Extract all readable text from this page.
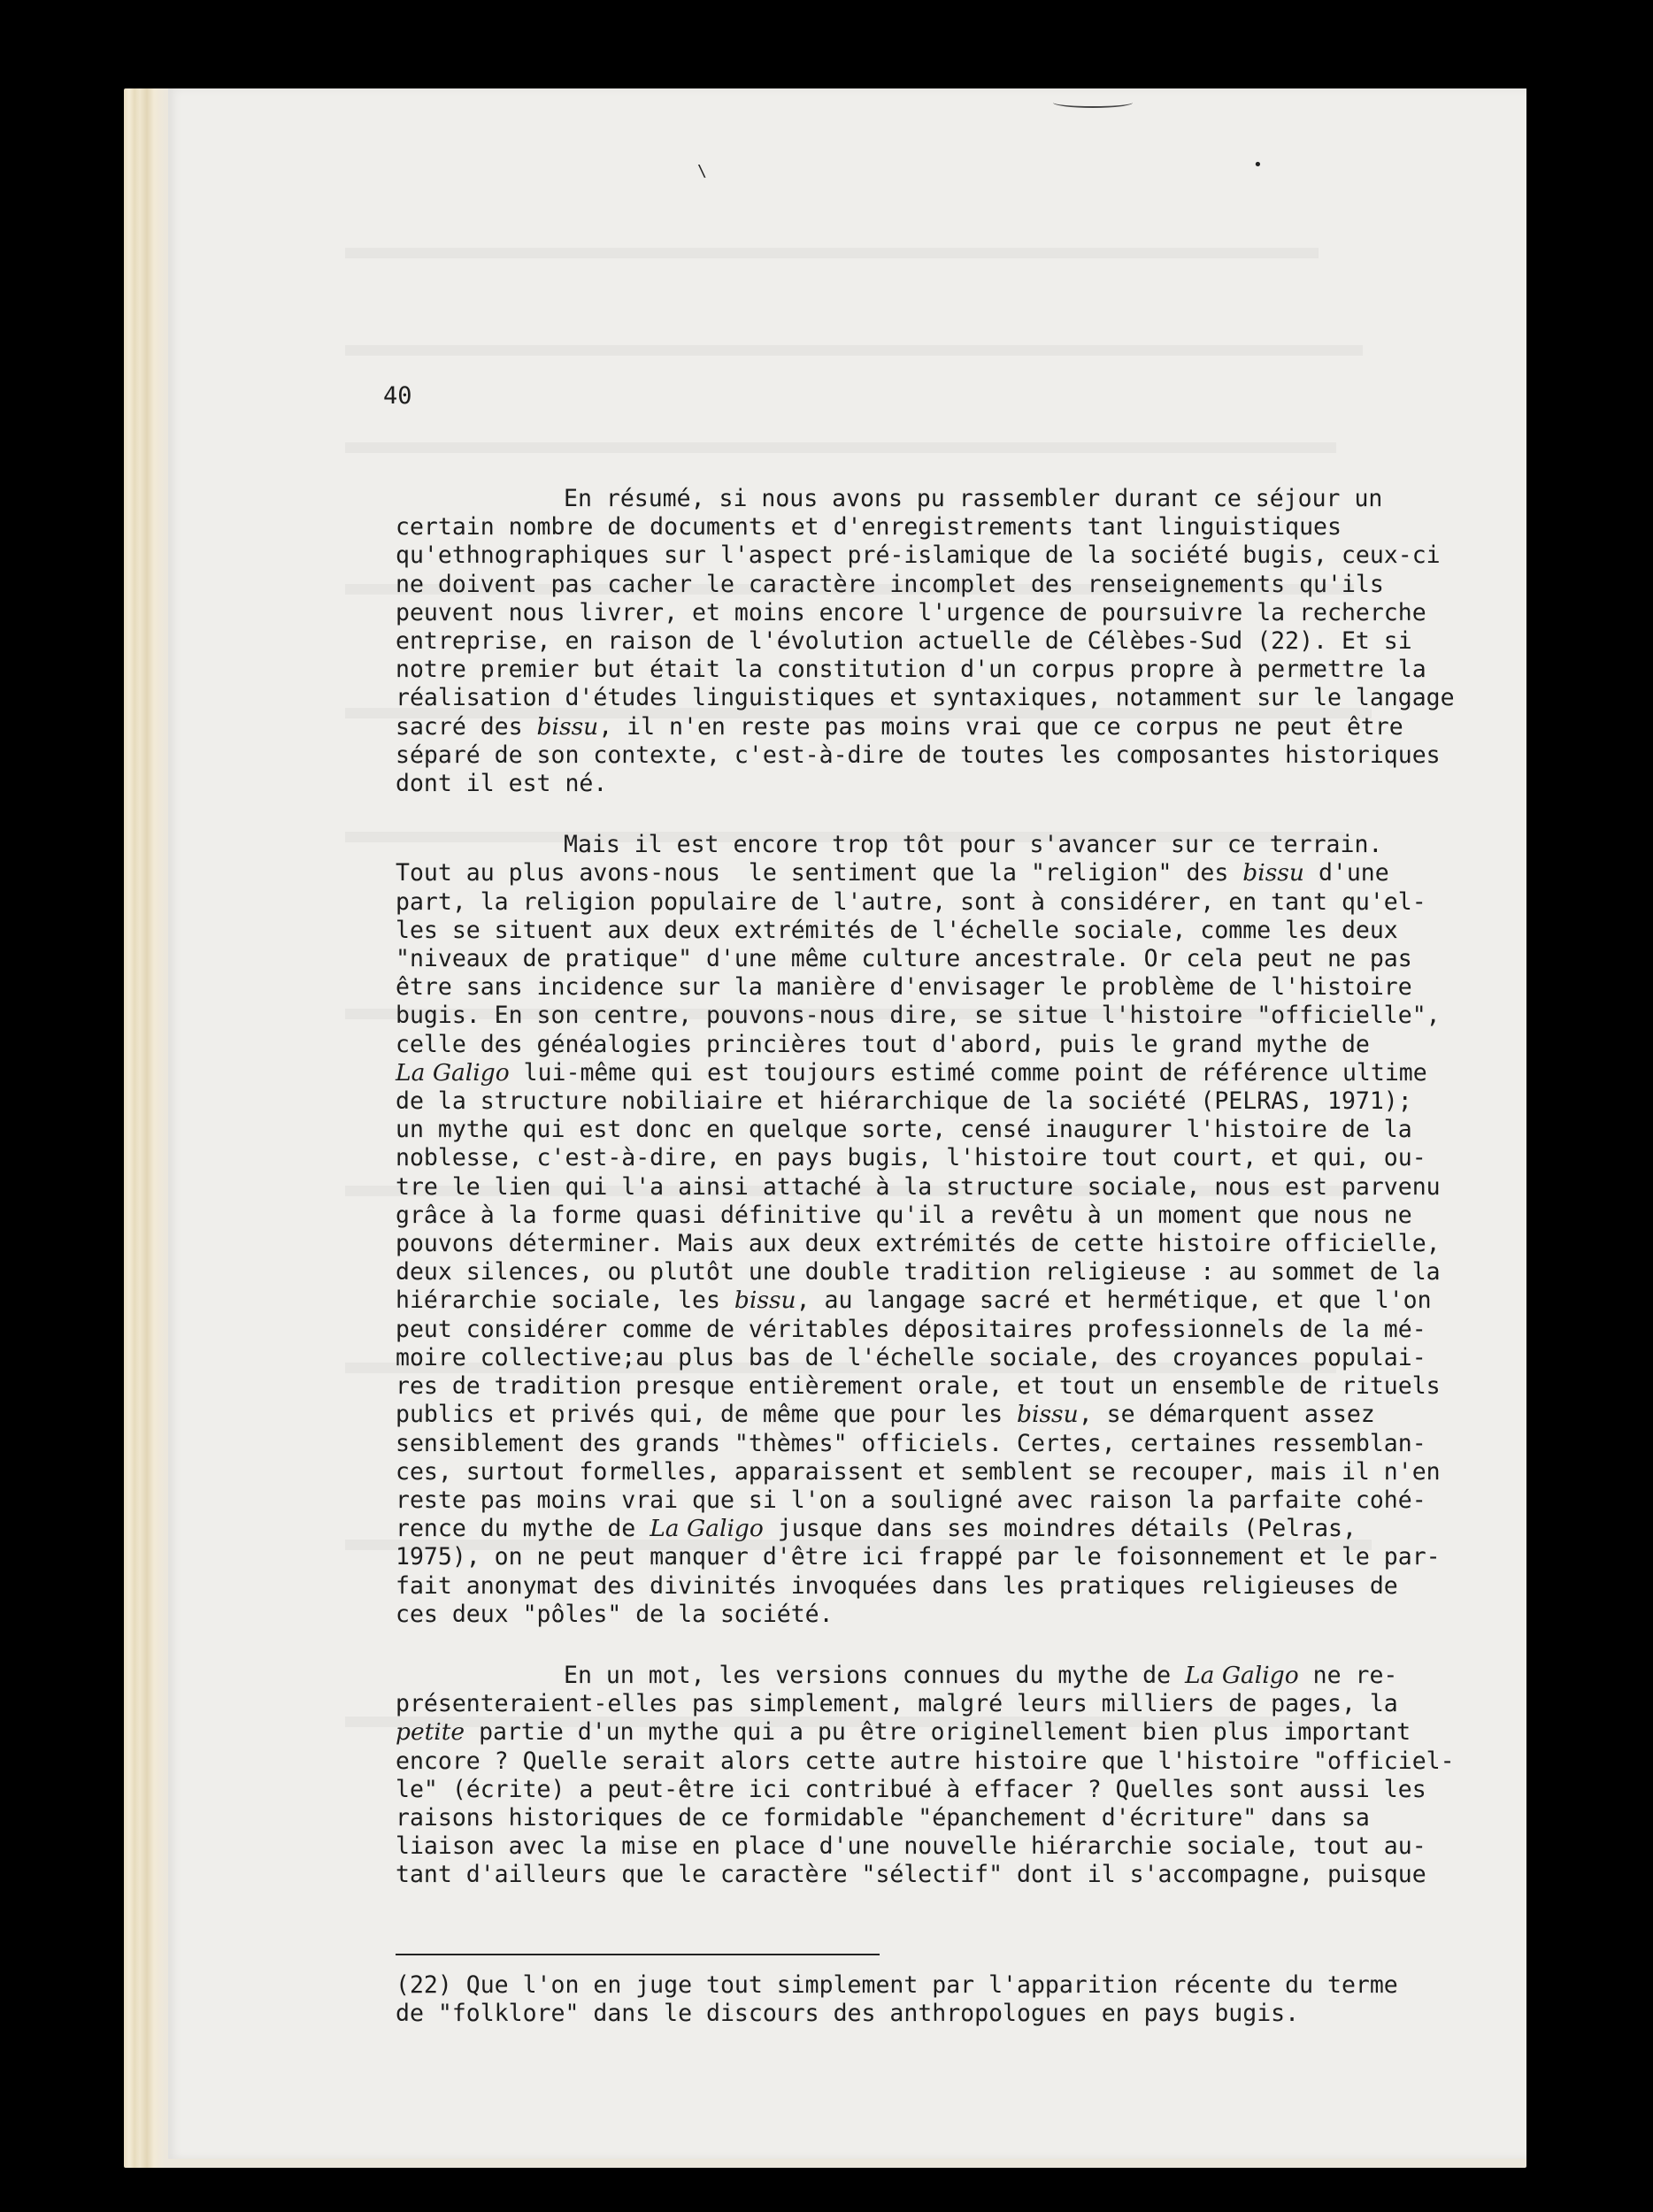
\	•
40
En résumé, si nous avons pu rassembler durant ce séjour un
certain nombre de documents et d'enregistrements tant linguistiques
qu'ethnographiques sur l'aspect pré-islamique de la société bugis, ceux-ci
ne doivent pas cacher le caractère incomplet des renseignements qu'ils
peuvent nous livrer, et moins encore l'urgence de poursuivre la recherche
entreprise, en raison de l'évolution actuelle de Célèbes-Sud (22). Et si
notre premier but était la constitution d'un corpus propre à permettre la
réalisation d'études linguistiques et syntaxiques, notamment sur le langage
sacré des bissu, il n'en reste pas moins vrai que ce corpus ne peut être
séparé de son contexte, c'est-à-dire de toutes les composantes historiques
dont il est né.
Mais il est encore trop tôt pour s'avancer sur ce terrain.
Tout au plus avons-nous  le sentiment que la "religion" des bissu d'une
part, la religion populaire de l'autre, sont à considérer, en tant qu'el-
les se situent aux deux extrémités de l'échelle sociale, comme les deux
"niveaux de pratique" d'une même culture ancestrale. Or cela peut ne pas
être sans incidence sur la manière d'envisager le problème de l'histoire
bugis. En son centre, pouvons-nous dire, se situe l'histoire "officielle",
celle des généalogies princières tout d'abord, puis le grand mythe de
La Galigo lui-même qui est toujours estimé comme point de référence ultime
de la structure nobiliaire et hiérarchique de la société (PELRAS, 1971);
un mythe qui est donc en quelque sorte, censé inaugurer l'histoire de la
noblesse, c'est-à-dire, en pays bugis, l'histoire tout court, et qui, ou-
tre le lien qui l'a ainsi attaché à la structure sociale, nous est parvenu
grâce à la forme quasi définitive qu'il a revêtu à un moment que nous ne
pouvons déterminer. Mais aux deux extrémités de cette histoire officielle,
deux silences, ou plutôt une double tradition religieuse : au sommet de la
hiérarchie sociale, les bissu, au langage sacré et hermétique, et que l'on
peut considérer comme de véritables dépositaires professionnels de la mé-
moire collective;au plus bas de l'échelle sociale, des croyances populai-
res de tradition presque entièrement orale, et tout un ensemble de rituels
publics et privés qui, de même que pour les bissu, se démarquent assez
sensiblement des grands "thèmes" officiels. Certes, certaines ressemblan-
ces, surtout formelles, apparaissent et semblent se recouper, mais il n'en
reste pas moins vrai que si l'on a souligné avec raison la parfaite cohé-
rence du mythe de La Galigo jusque dans ses moindres détails (Pelras,
1975), on ne peut manquer d'être ici frappé par le foisonnement et le par-
fait anonymat des divinités invoquées dans les pratiques religieuses de
ces deux "pôles" de la société.
En un mot, les versions connues du mythe de La Galigo ne re-
présenteraient-elles pas simplement, malgré leurs milliers de pages, la
petite partie d'un mythe qui a pu être originellement bien plus important
encore ? Quelle serait alors cette autre histoire que l'histoire "officiel-
le" (écrite) a peut-être ici contribué à effacer ? Quelles sont aussi les
raisons historiques de ce formidable "épanchement d'écriture" dans sa
liaison avec la mise en place d'une nouvelle hiérarchie sociale, tout au-
tant d'ailleurs que le caractère "sélectif" dont il s'accompagne, puisque
(22) Que l'on en juge tout simplement par l'apparition récente du terme
de "folklore" dans le discours des anthropologues en pays bugis.
